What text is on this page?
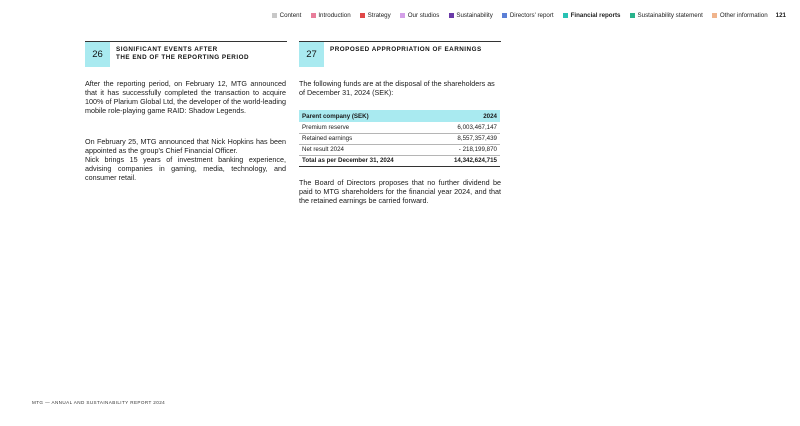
Content	Introduction	Strategy	Our studios	Sustainability	Directors' report	Financial reports	Sustainability statement	Other information 121
26	SIGNIFICANT EVENTS AFTER
THE END OF THE REPORTING PERIOD

After the reporting period, on February 12, MTG announced that it has successfully completed the transaction to acquire 100% of Plarium Global Ltd, the developer of the world-leading mobile role-playing game RAID: Shadow Legends.

On February 25, MTG announced that Nick Hopkins has been appointed as the group's Chief Financial Officer.

Nick brings 15 years of investment banking experience, advising companies in gaming, media, technology, and consumer retail.

27	PROPOSED APPROPRIATION OF EARNINGS

The following funds are at the disposal of the shareholders as of December 31, 2024 (SEK):

Parent company (SEK)	2024
Premium reserve	6,003,467,147
Retained earnings	8,557,357,439
Net result 2024	- 218,199,870
Total as per December 31, 2024	14,342,624,715

The Board of Directors proposes that no further dividend be paid to MTG shareholders for the financial year 2024, and that the retained earnings be carried forward.

MTG — ANNUAL AND SUSTAINABILITY REPORT 2024
